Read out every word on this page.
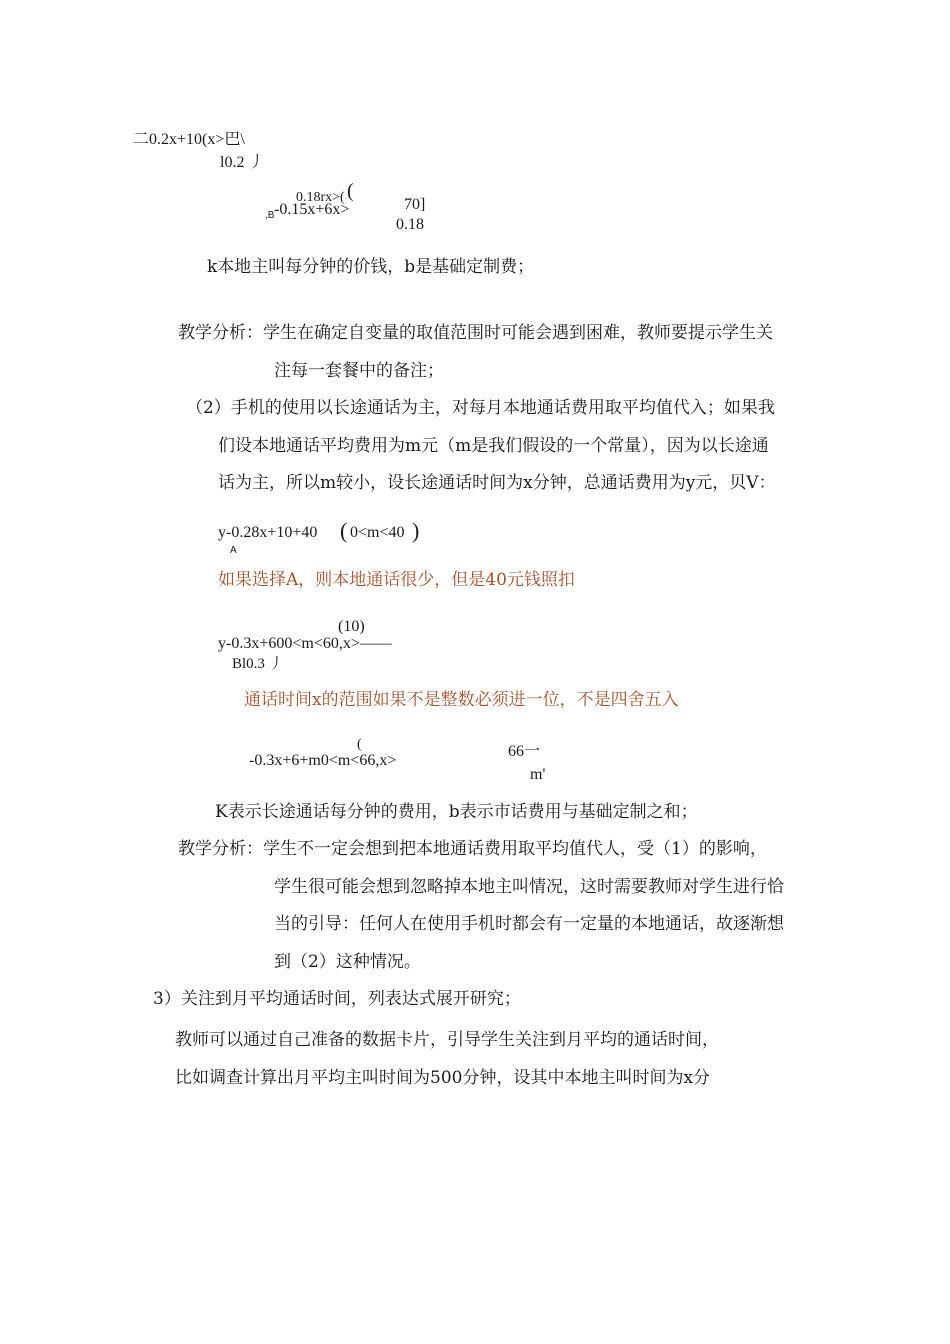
二0.2x+10(x>巴\
l0.2 丿
0.18rx>( (
,B -0.15x+6x>	70]
0.18
k本地主叫每分钟的价钱，b是基础定制费；
教学分析：学生在确定自变量的取值范围时可能会遇到困难，教师要提示学生关
注每一套餐中的备注；
（2）手机的使用以长途通话为主，对每月本地通话费用取平均值代入；如果我
们设本地通话平均费用为m元（m是我们假设的一个常量），因为以长途通
话为主，所以m较小，设长途通话时间为x分钟，总通话费用为y元，贝V：
y-0.28x+10+40 ( 0<m<40 )
A
如果选择A，则本地通话很少，但是40元钱照扣
(10)
y-0.3x+600<m<60,x>——
Bl0.3 丿
通话时间x的范围如果不是整数必须进一位，不是四舍五入
(
-0.3x+6+m0<m<66,x>
66一
m'
K表示长途通话每分钟的费用，b表示市话费用与基础定制之和；
教学分析：学生不一定会想到把本地通话费用取平均值代人，受（1）的影响，
学生很可能会想到忽略掉本地主叫情况，这时需要教师对学生进行恰
当的引导：任何人在使用手机时都会有一定量的本地通话，故逐渐想
到（2）这种情况。
3）关注到月平均通话时间，列表达式展开研究；
教师可以通过自己准备的数据卡片，引导学生关注到月平均的通话时间，
比如调查计算出月平均主叫时间为500分钟，设其中本地主叫时间为x分
